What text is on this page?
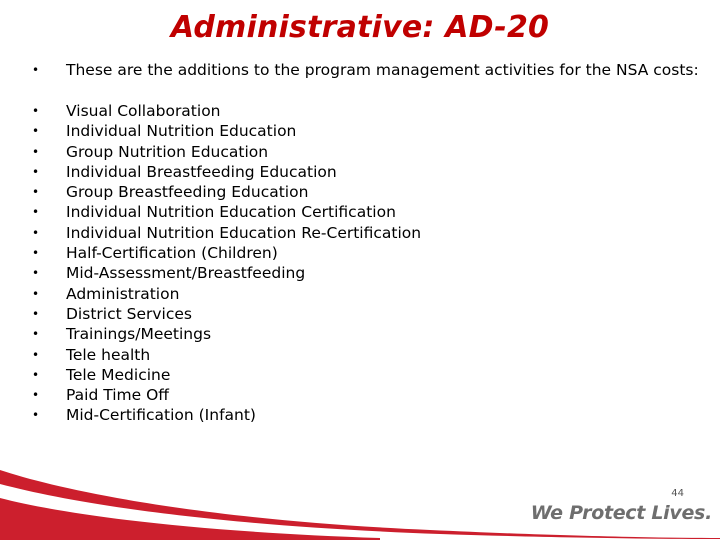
Administrative: AD-20
•	These are the additions to the program management activities for the NSA costs:
•	Visual Collaboration
•	Individual Nutrition Education
•	Group Nutrition Education
•	Individual Breastfeeding Education
•	Group Breastfeeding Education
•	Individual Nutrition Education Certification
•	Individual Nutrition Education Re-Certification
•	Half-Certification (Children)
•	Mid-Assessment/Breastfeeding
•	Administration
•	District Services
•	Trainings/Meetings
•	Tele health
•	Tele Medicine
•	Paid Time Off
•	Mid-Certification (Infant)
44
We Protect Lives.
